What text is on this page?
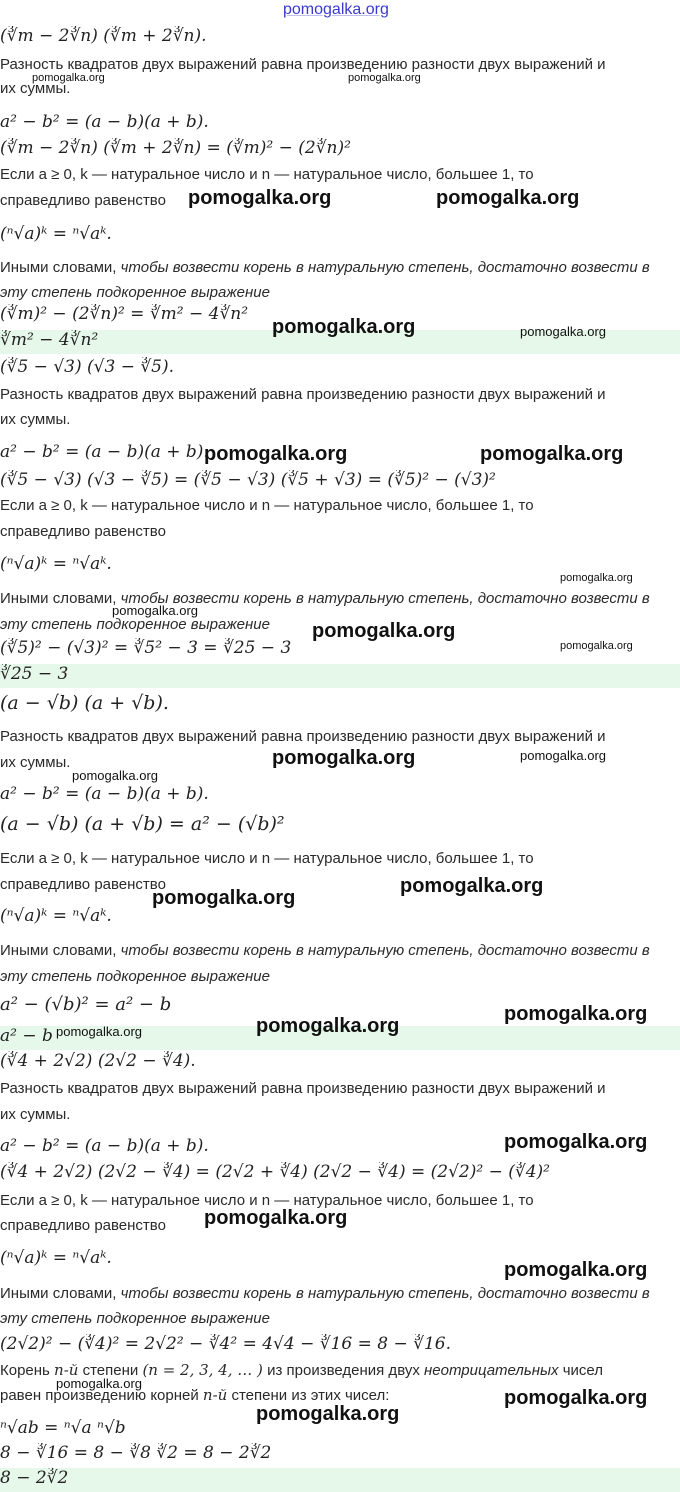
pomogalka.org
(∛m − 2∛n) (∛m + 2∛n).
Разность квадратов двух выражений равна произведению разности двух выражений и
их суммы.
a² − b² = (a − b)(a + b).
(∛m − 2∛n) (∛m + 2∛n) = (∛m)² − (2∛n)²
Если a ≥ 0, k — натуральное число и n — натуральное число, большее 1, то
справедливо равенство
(ⁿ√a)ᵏ = ⁿ√aᵏ.
Иными словами, чтобы возвести корень в натуральную степень, достаточно возвести в
эту степень подкоренное выражение
(∛m)² − (2∛n)² = ∛m² − 4∛n²
∛m² − 4∛n²
(∛5 − √3) (√3 − ∛5).
Разность квадратов двух выражений равна произведению разности двух выражений и
их суммы.
a² − b² = (a − b)(a + b).
(∛5 − √3) (√3 − ∛5) = (∛5 − √3) (∛5 + √3) = (∛5)² − (√3)²
Если a ≥ 0, k — натуральное число и n — натуральное число, большее 1, то
справедливо равенство
(ⁿ√a)ᵏ = ⁿ√aᵏ.
Иными словами, чтобы возвести корень в натуральную степень, достаточно возвести в
эту степень подкоренное выражение
(∛5)² − (√3)² = ∛5² − 3 = ∛25 − 3
∛25 − 3
(a − √b) (a + √b).
Разность квадратов двух выражений равна произведению разности двух выражений и
их суммы.
a² − b² = (a − b)(a + b).
(a − √b) (a + √b) = a² − (√b)²
Если a ≥ 0, k — натуральное число и n — натуральное число, большее 1, то
справедливо равенство
(ⁿ√a)ᵏ = ⁿ√aᵏ.
Иными словами, чтобы возвести корень в натуральную степень, достаточно возвести в
эту степень подкоренное выражение
a² − (√b)² = a² − b
a² − b
(∛4 + 2√2) (2√2 − ∛4).
Разность квадратов двух выражений равна произведению разности двух выражений и
их суммы.
a² − b² = (a − b)(a + b).
(∛4 + 2√2) (2√2 − ∛4) = (2√2 + ∛4) (2√2 − ∛4) = (2√2)² − (∛4)²
Если a ≥ 0, k — натуральное число и n — натуральное число, большее 1, то
справедливо равенство
(ⁿ√a)ᵏ = ⁿ√aᵏ.
Иными словами, чтобы возвести корень в натуральную степень, достаточно возвести в
эту степень подкоренное выражение
(2√2)² − (∛4)² = 2√2² − ∛4² = 4√4 − ∛16 = 8 − ∛16.
Корень n-й степени (n = 2, 3, 4, … ) из произведения двух неотрицательных чисел
равен произведению корней n-й степени из этих чисел:
ⁿ√ab = ⁿ√a ⁿ√b
8 − ∛16 = 8 − ∛8 ∛2 = 8 − 2∛2
8 − 2∛2
pomogalka.org	pomogalka.org
pomogalka.org	pomogalka.org
pomogalka.org	pomogalka.org
pomogalka.org	pomogalka.org
pomogalka.org
pomogalka.org
pomogalka.org
pomogalka.org
pomogalka.org	pomogalka.org
pomogalka.org
pomogalka.org
pomogalka.org
pomogalka.org
pomogalka.org
pomogalka.org
pomogalka.org
pomogalka.org
pomogalka.org
pomogalka.org
pomogalka.org
pomogalka.org
